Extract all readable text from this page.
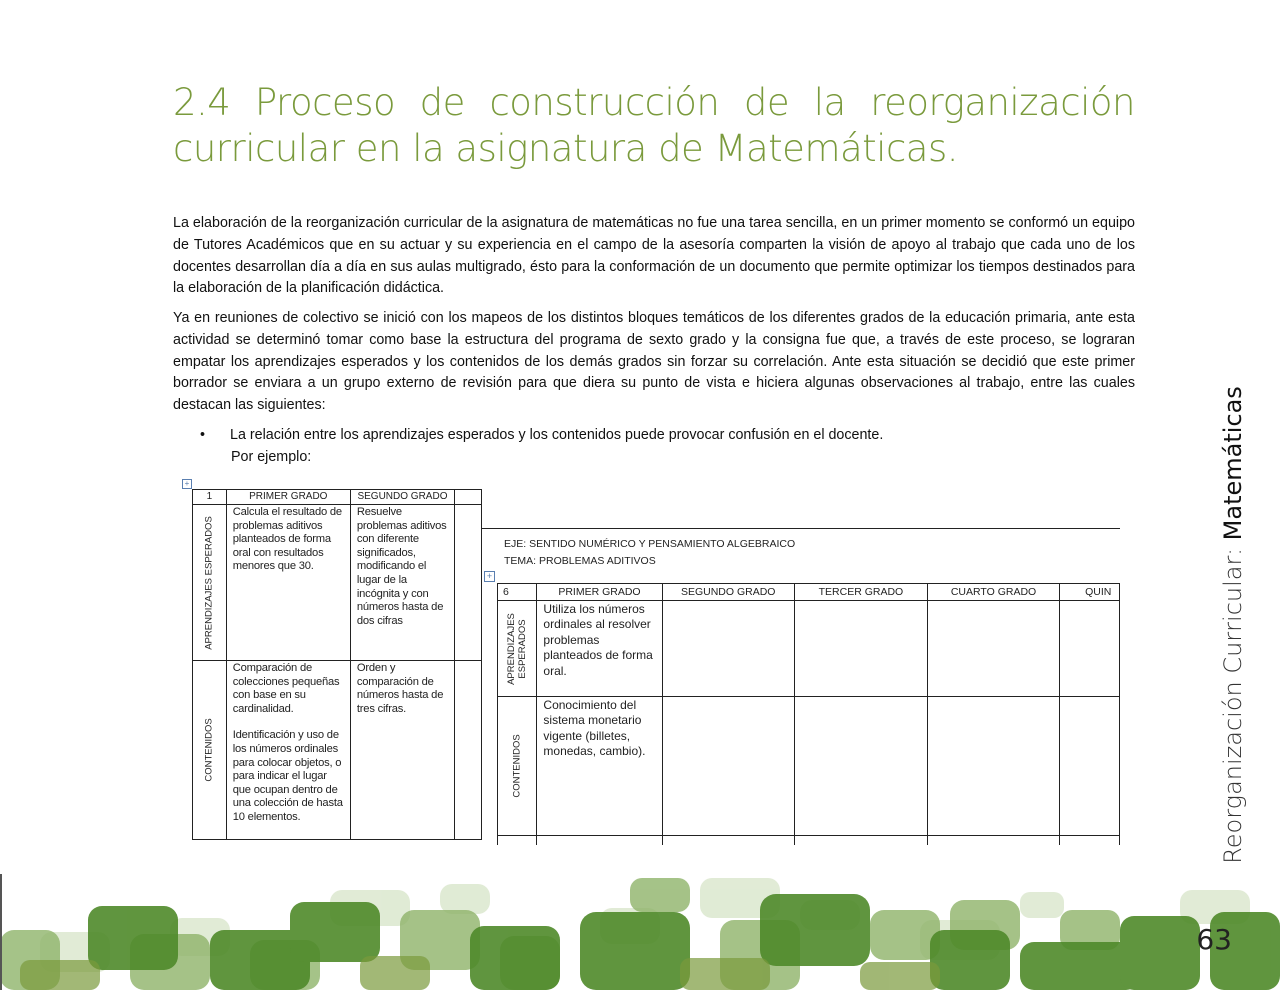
2.4 Proceso de construcción de la reorganización
curricular en la asignatura de Matemáticas.

La elaboración de la reorganización curricular de la asignatura de matemáticas no fue una tarea sencilla, en un primer momento se conformó un equipo de Tutores Académicos que en su actuar y su experiencia en el campo de la asesoría comparten la visión de apoyo al trabajo que cada uno de los docentes desarrollan día a día en sus aulas multigrado, ésto para la conformación de un documento que permite optimizar los tiempos destinados para la elaboración de la planificación didáctica.

Ya en reuniones de colectivo se inició con los mapeos de los distintos bloques temáticos de los diferentes grados de la educación primaria, ante esta actividad se determinó tomar como base la estructura del programa de sexto grado y la consigna fue que, a través de este proceso, se lograran empatar los aprendizajes esperados y los contenidos de los demás grados sin forzar su correlación. Ante esta situación se decidió que este primer borrador se enviara a un grupo externo de revisión para que diera su punto de vista e hiciera algunas observaciones al trabajo, entre las cuales destacan las siguientes:

• La relación entre los aprendizajes esperados y los contenidos puede provocar confusión en el docente.
Por ejemplo:
+
1	PRIMER GRADO	SEGUNDO GRADO	

APRENDIZAJES ESPERADOS	Calcula el resultado de problemas aditivos planteados de forma oral con resultados menores que 30.	Resuelve problemas aditivos con diferente significados, modificando el lugar de la incógnita y con números hasta de dos cifras	

CONTENIDOS	Comparación de colecciones pequeñas con base en su cardinalidad.
Identificación y uso de los números ordinales para colocar objetos, o para indicar el lugar que ocupan dentro de una colección de hasta 10 elementos.	Orden y comparación de números hasta de tres cifras.	
EJE: SENTIDO NUMÉRICO Y PENSAMIENTO ALGEBRAICO
TEMA: PROBLEMAS ADITIVOS
+
6	PRIMER GRADO	SEGUNDO GRADO	TERCER GRADO	CUARTO GRADO	QUIN

APRENDIZAJES ESPERADOS	Utiliza los números ordinales al resolver problemas planteados de forma oral.				

CONTENIDOS	Conocimiento del sistema monetario vigente (billetes, monedas, cambio).				
						Reorganización Curricular: Matemáticas
63
